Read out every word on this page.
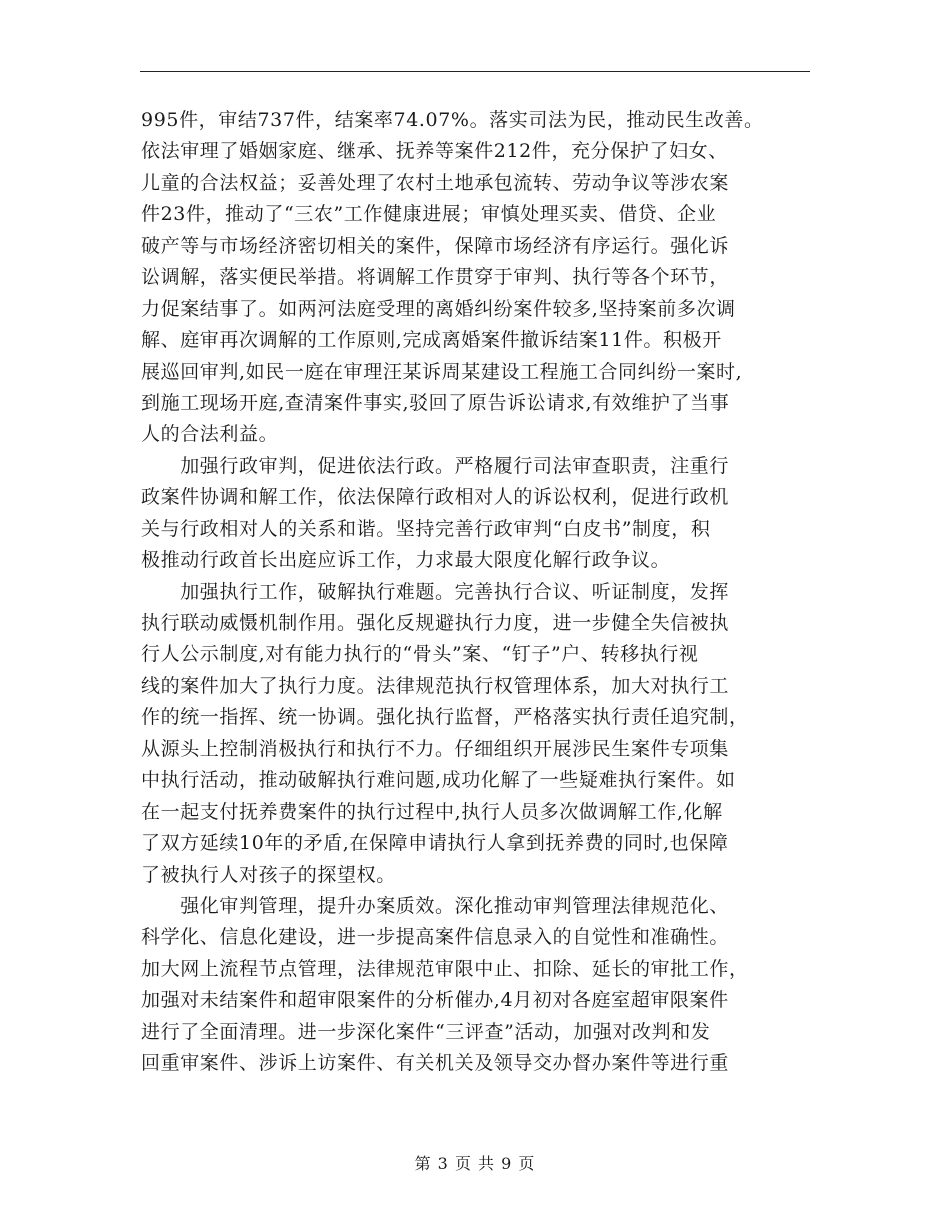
995件，审结737件，结案率74.07%。落实司法为民，推动民生改善。
依法审理了婚姻家庭、继承、抚养等案件212件，充分保护了妇女、
儿童的合法权益；妥善处理了农村土地承包流转、劳动争议等涉农案
件23件，推动了“三农”工作健康进展；审慎处理买卖、借贷、企业
破产等与市场经济密切相关的案件，保障市场经济有序运行。强化诉
讼调解，落实便民举措。将调解工作贯穿于审判、执行等各个环节，
力促案结事了。如两河法庭受理的离婚纠纷案件较多,坚持案前多次调
解、庭审再次调解的工作原则,完成离婚案件撤诉结案11件。积极开
展巡回审判,如民一庭在审理汪某诉周某建设工程施工合同纠纷一案时,
到施工现场开庭,查清案件事实,驳回了原告诉讼请求,有效维护了当事
人的合法利益。
　　加强行政审判，促进依法行政。严格履行司法审查职责，注重行
政案件协调和解工作，依法保障行政相对人的诉讼权利，促进行政机
关与行政相对人的关系和谐。坚持完善行政审判“白皮书”制度，积
极推动行政首长出庭应诉工作，力求最大限度化解行政争议。
　　加强执行工作，破解执行难题。完善执行合议、听证制度，发挥
执行联动威慑机制作用。强化反规避执行力度，进一步健全失信被执
行人公示制度,对有能力执行的“骨头”案、“钉子”户、转移执行视
线的案件加大了执行力度。法律规范执行权管理体系，加大对执行工
作的统一指挥、统一协调。强化执行监督，严格落实执行责任追究制，
从源头上控制消极执行和执行不力。仔细组织开展涉民生案件专项集
中执行活动，推动破解执行难问题,成功化解了一些疑难执行案件。如
在一起支付抚养费案件的执行过程中,执行人员多次做调解工作,化解
了双方延续10年的矛盾,在保障申请执行人拿到抚养费的同时,也保障
了被执行人对孩子的探望权。
　　强化审判管理，提升办案质效。深化推动审判管理法律规范化、
科学化、信息化建设，进一步提高案件信息录入的自觉性和准确性。
加大网上流程节点管理，法律规范审限中止、扣除、延长的审批工作，
加强对未结案件和超审限案件的分析催办,4月初对各庭室超审限案件
进行了全面清理。进一步深化案件“三评查”活动，加强对改判和发
回重审案件、涉诉上访案件、有关机关及领导交办督办案件等进行重
第 3 页 共 9 页
